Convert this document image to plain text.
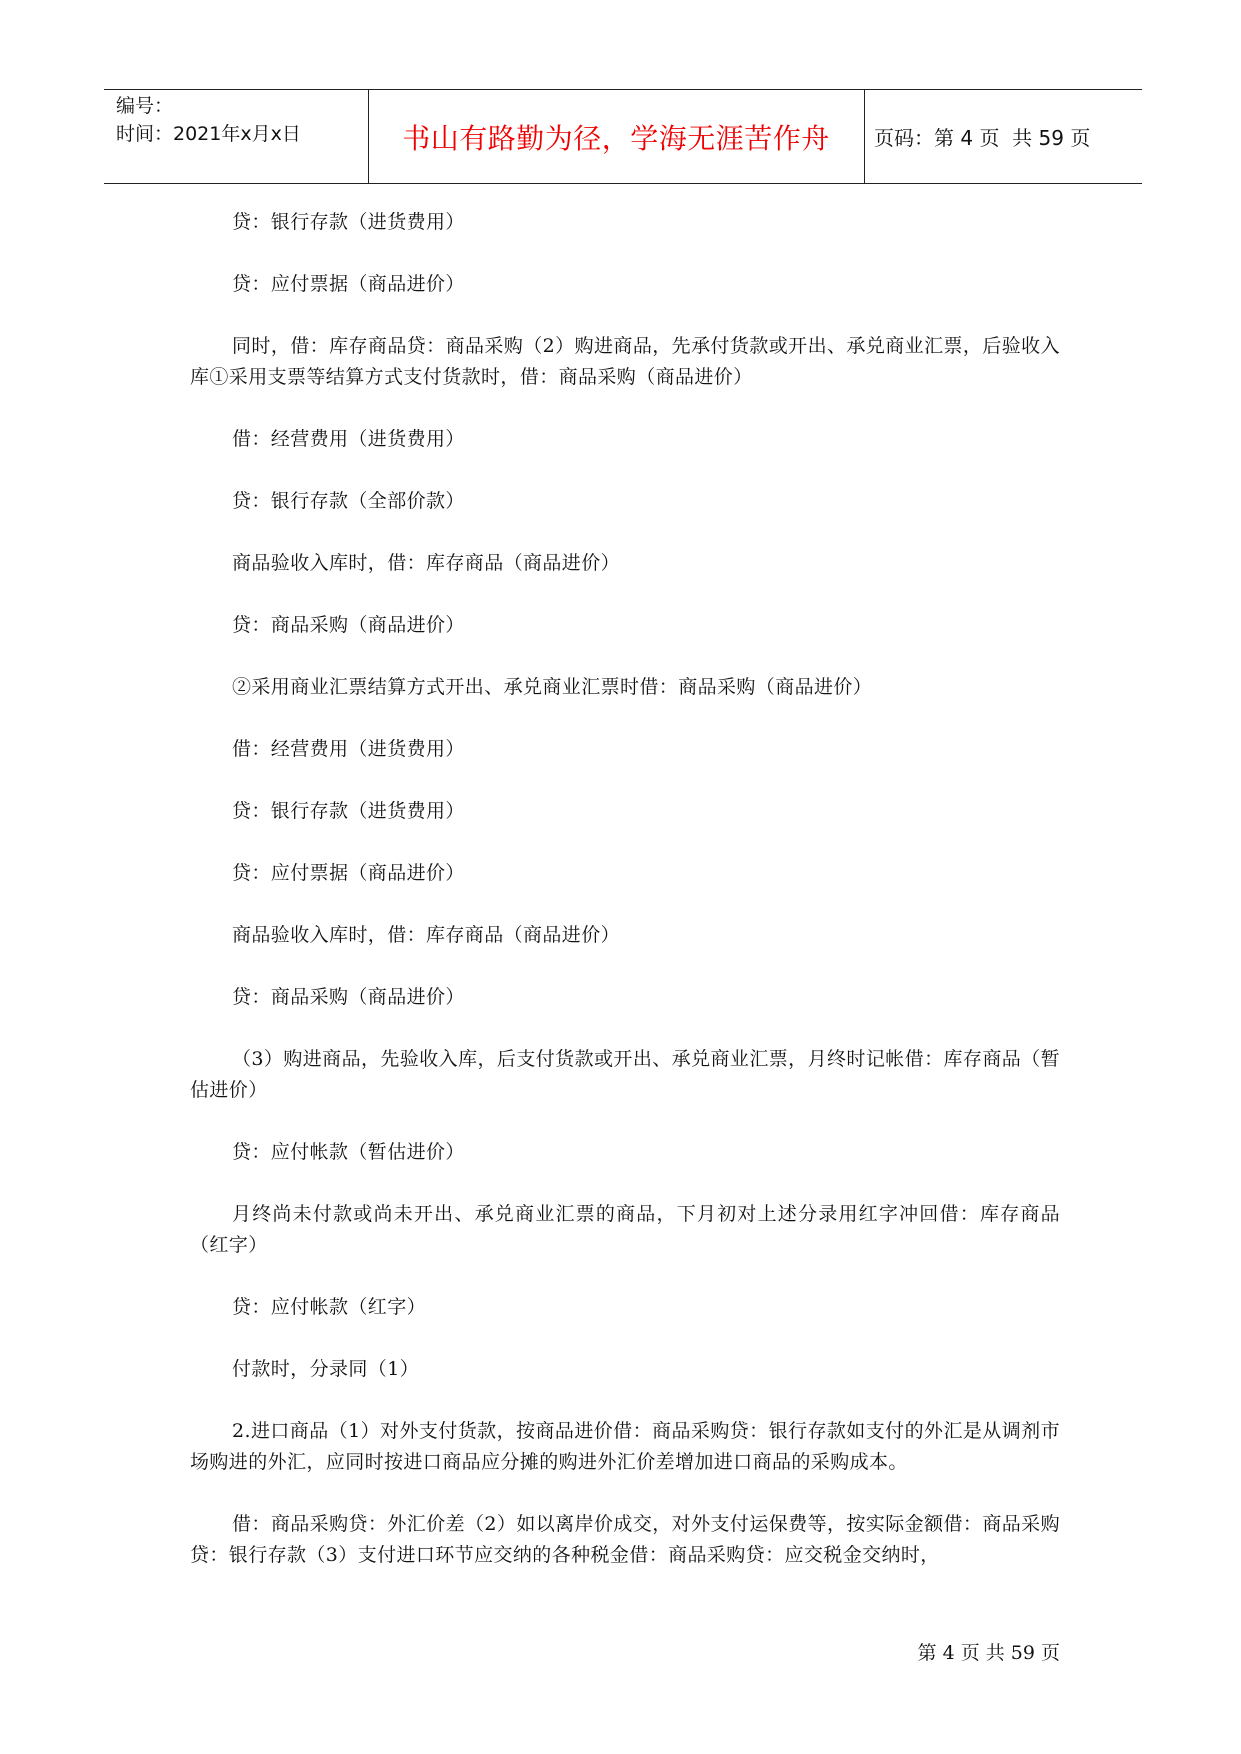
编号：
时间：2021年x月x日	书山有路勤为径，学海无涯苦作舟	页码：第 4 页  共 59 页

贷：银行存款（进货费用）

贷：应付票据（商品进价）

同时，借：库存商品贷：商品采购（2）购进商品，先承付货款或开出、承兑商业汇票，后验收入库①采用支票等结算方式支付货款时，借：商品采购（商品进价）

借：经营费用（进货费用）

贷：银行存款（全部价款）

商品验收入库时，借：库存商品（商品进价）

贷：商品采购（商品进价）

②采用商业汇票结算方式开出、承兑商业汇票时借：商品采购（商品进价）

借：经营费用（进货费用）

贷：银行存款（进货费用）

贷：应付票据（商品进价）

商品验收入库时，借：库存商品（商品进价）

贷：商品采购（商品进价）

（3）购进商品，先验收入库，后支付货款或开出、承兑商业汇票，月终时记帐借：库存商品（暂估进价）

贷：应付帐款（暂估进价）

月终尚未付款或尚未开出、承兑商业汇票的商品，下月初对上述分录用红字冲回借：库存商品（红字）

贷：应付帐款（红字）

付款时，分录同（1）

2.进口商品（1）对外支付货款，按商品进价借：商品采购贷：银行存款如支付的外汇是从调剂市场购进的外汇，应同时按进口商品应分摊的购进外汇价差增加进口商品的采购成本。

借：商品采购贷：外汇价差（2）如以离岸价成交，对外支付运保费等，按实际金额借：商品采购贷：银行存款（3）支付进口环节应交纳的各种税金借：商品采购贷：应交税金交纳时，

第 4 页 共 59 页
